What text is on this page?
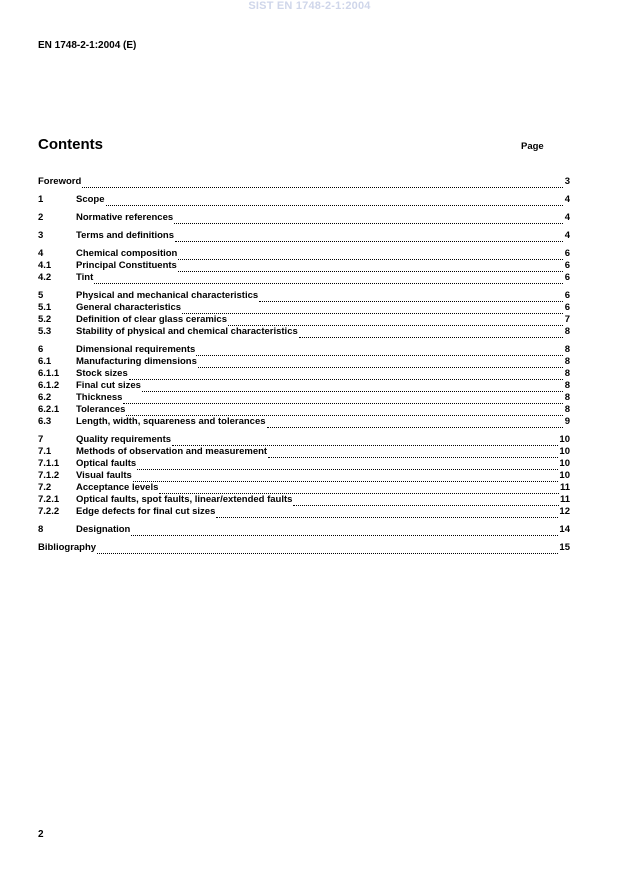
SIST EN 1748-2-1:2004
EN 1748-2-1:2004 (E)
Contents	Page
Foreword	3
1	Scope	4
2	Normative references	4
3	Terms and definitions	4
4	Chemical composition	6
4.1	Principal Constituents	6
4.2	Tint	6
5	Physical and mechanical characteristics	6
5.1	General characteristics	6
5.2	Definition of clear glass ceramics	7
5.3	Stability of physical and chemical characteristics	8
6	Dimensional requirements	8
6.1	Manufacturing dimensions	8
6.1.1	Stock sizes	8
6.1.2	Final cut sizes	8
6.2	Thickness	8
6.2.1	Tolerances	8
6.3	Length, width, squareness and tolerances	9
7	Quality requirements	10
7.1	Methods of observation and measurement	10
7.1.1	Optical faults	10
7.1.2	Visual faults	10
7.2	Acceptance levels	11
7.2.1	Optical faults, spot faults, linear/extended faults	11
7.2.2	Edge defects for final cut sizes	12
8	Designation	14
Bibliography	15
2
